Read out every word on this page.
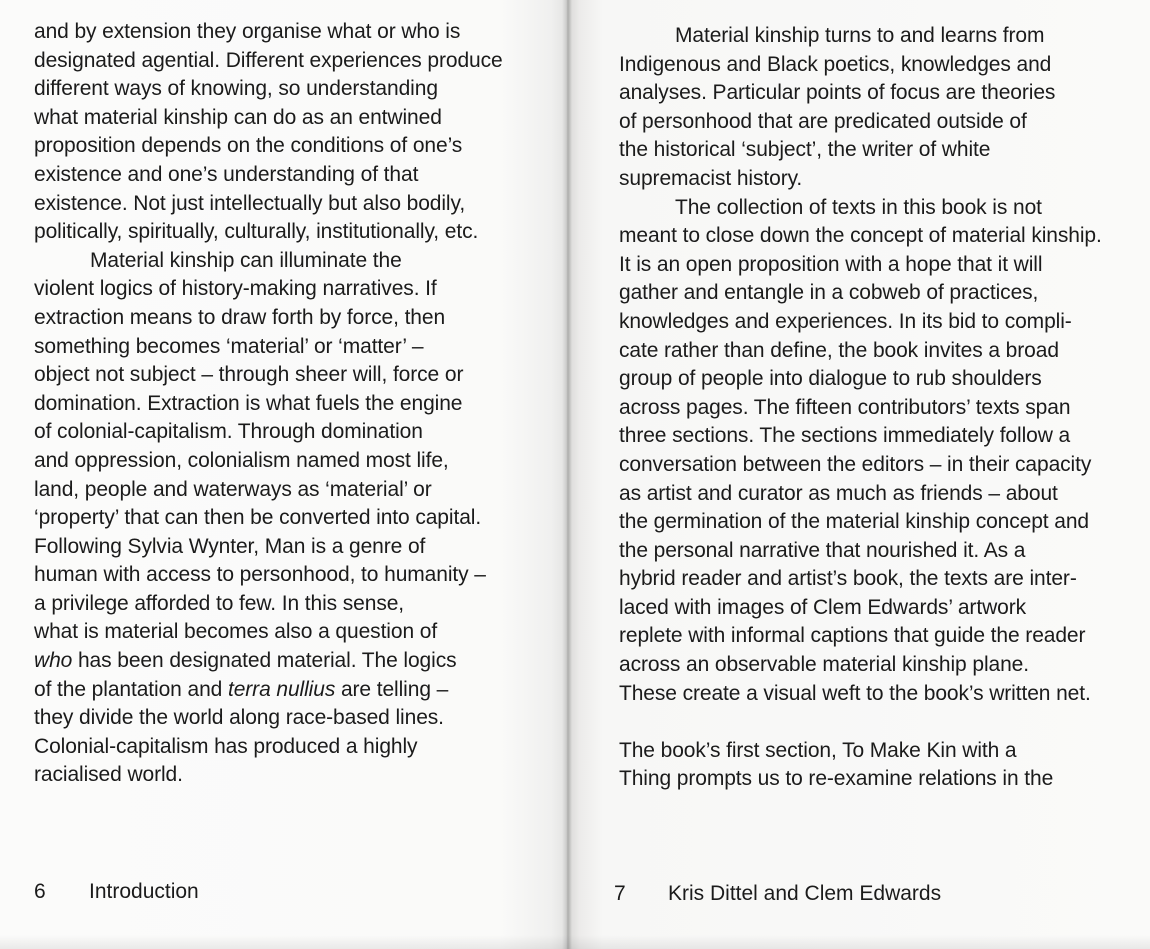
and by extension they organise what or who is
designated agential. Different experiences produce
different ways of knowing, so understanding
what material kinship can do as an entwined
proposition depends on the conditions of one’s
existence and one’s understanding of that
existence. Not just intellectually but also bodily,
politically, spiritually, culturally, institutionally, etc.
Material kinship can illuminate the
violent logics of history-making narratives. If
extraction means to draw forth by force, then
something becomes ‘material’ or ‘matter’ –
object not subject – through sheer will, force or
domination. Extraction is what fuels the engine
of colonial-capitalism. Through domination
and oppression, colonialism named most life,
land, people and waterways as ‘material’ or
‘property’ that can then be converted into capital.
Following Sylvia Wynter, Man is a genre of
human with access to personhood, to humanity –
a privilege afforded to few. In this sense,
what is material becomes also a question of
who has been designated material. The logics
of the plantation and terra nullius are telling –
they divide the world along race-based lines.
Colonial-capitalism has produced a highly
racialised world.
6 Introduction
Material kinship turns to and learns from
Indigenous and Black poetics, knowledges and
analyses. Particular points of focus are theories
of personhood that are predicated outside of
the historical ‘subject’, the writer of white
supremacist history.
The collection of texts in this book is not
meant to close down the concept of material kinship.
It is an open proposition with a hope that it will
gather and entangle in a cobweb of practices,
knowledges and experiences. In its bid to compli-
cate rather than define, the book invites a broad
group of people into dialogue to rub shoulders
across pages. The fifteen contributors’ texts span
three sections. The sections immediately follow a
conversation between the editors – in their capacity
as artist and curator as much as friends – about
the germination of the material kinship concept and
the personal narrative that nourished it. As a
hybrid reader and artist’s book, the texts are inter-
laced with images of Clem Edwards’ artwork
replete with informal captions that guide the reader
across an observable material kinship plane.
These create a visual weft to the book’s written net.
The book’s first section, To Make Kin with a
Thing prompts us to re-examine relations in the
7 Kris Dittel and Clem Edwards
